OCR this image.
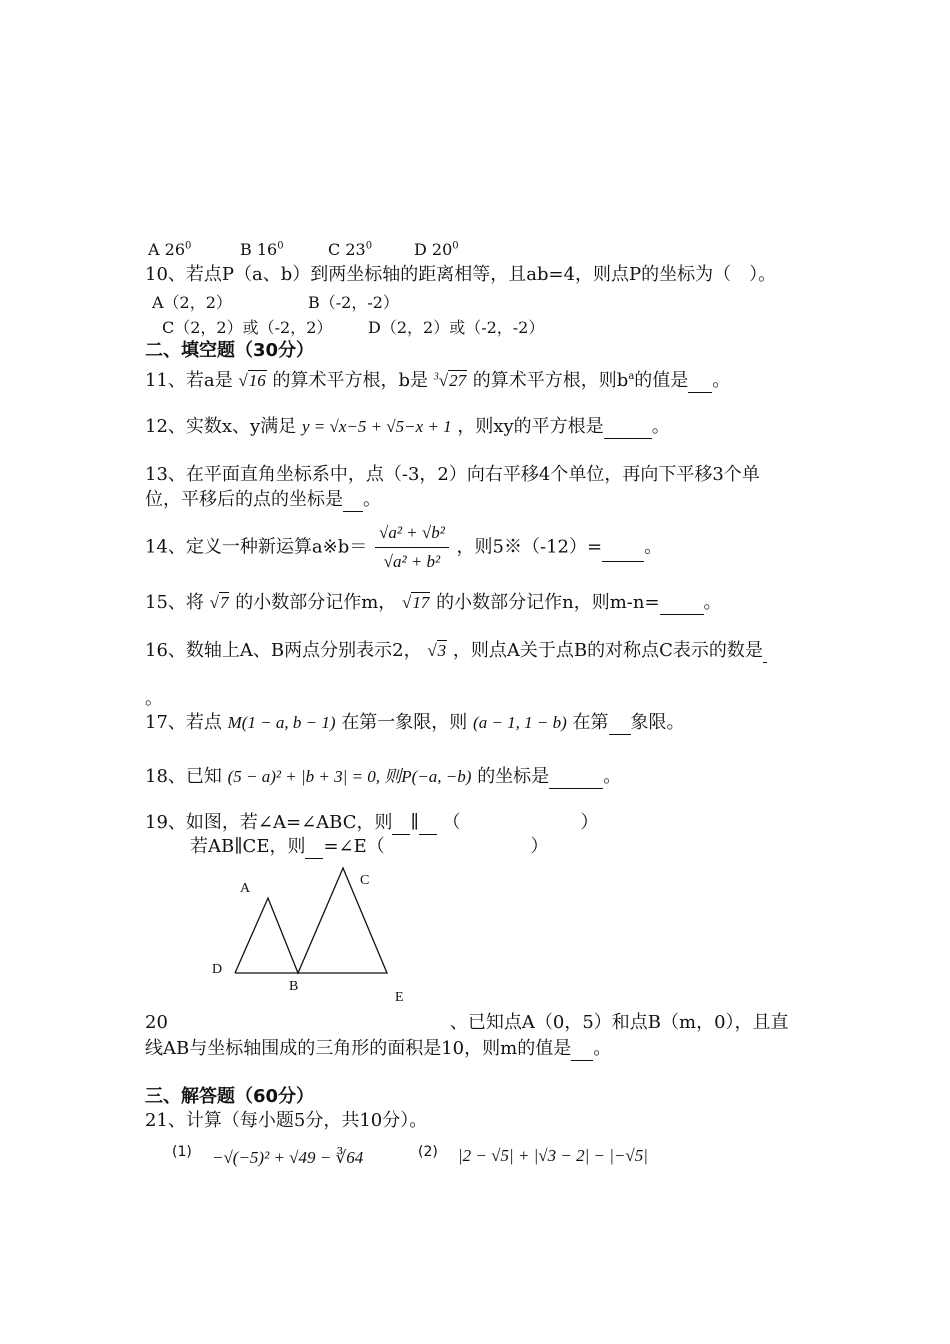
A $26^0$	B $16^0$	C $23^0$	D $20^0$
10、若点P（a、b）到两坐标轴的距离相等，且ab=4，则点P的坐标为（　）。
A（2，2）	B（-2，-2）
C（2，2）或（-2，2） D（2，2）或（-2，-2）
二、填空题（30分）
11、若a是 √16 的算术平方根，b是 $^3$√27 的算术平方根，则$b^a$的值是 。
12、实数x、y满足 y = √x−5 + √5−x + 1 ，则xy的平方根是	。
13、在平面直角坐标系中，点（-3，2）向右平移4个单位，再向下平移3个单
位，平移后的点的坐标是 。
14、定义一种新运算a※b＝ $\frac{\text{√a² + √b²}}{\text{√a² + b²}}$ ，则5※（-12）= 。
15、将 √7 的小数部分记作m， √17 的小数部分记作n，则m-n= 。
16、数轴上A、B两点分别表示2， √3 ，则点A关于点B的对称点C表示的数是
。
17、若点 M(1 − a, b − 1) 在第一象限，则 (a − 1, 1 − b) 在第 象限。
18、已知 (5 − a)² + |b + 3| = 0, 则P(−a, −b) 的坐标是	。
19、如图，若∠A=∠ABC，则 ∥ （	）
若AB∥CE，则 =∠E（	）
A
C
D
B
E
20	、已知点A（0，5）和点B（m，0），且直
线AB与坐标轴围成的三角形的面积是10，则m的值是 。
三、解答题（60分）
21、计算（每小题5分，共10分）。
(1) −√(−5)² + √49 − ∛64	(2) |2 − √5| + |√3 − 2| − |−√5|
